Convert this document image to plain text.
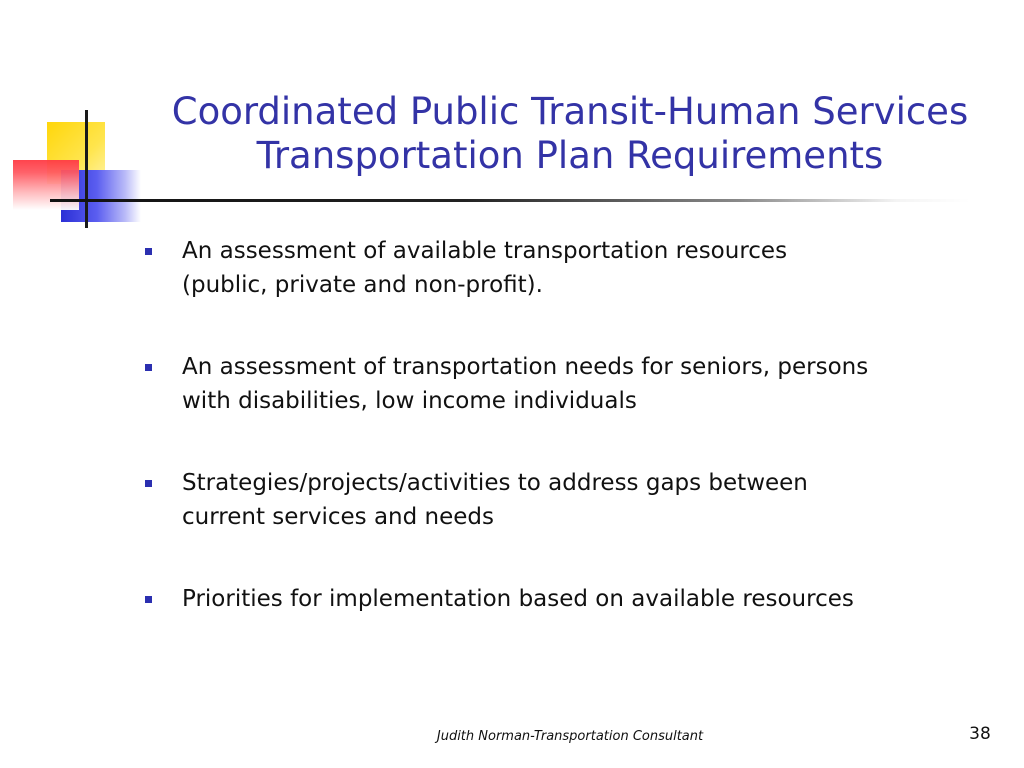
Coordinated Public Transit-Human Services
Transportation Plan Requirements
An assessment of available transportation resources
(public, private and non-profit).
An assessment of transportation needs for seniors, persons
with disabilities, low income individuals
Strategies/projects/activities to address gaps between
current services and needs
Priorities for implementation based on available resources
Judith Norman-Transportation Consultant	38
